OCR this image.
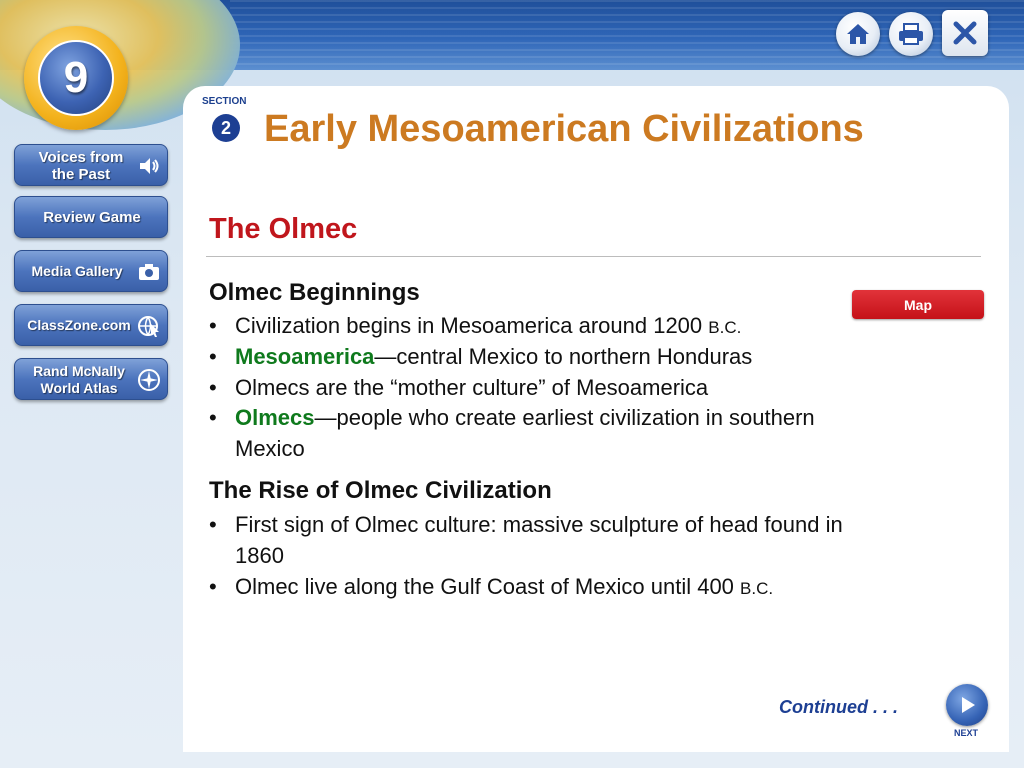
9
Voices from
the Past
Review Game
Media Gallery
ClassZone.com
Rand McNally
World Atlas
SECTION
2 Early Mesoamerican Civilizations
The Olmec
Map
Olmec Beginnings
• Civilization begins in Mesoamerica around 1200 B.C.
• Mesoamerica—central Mexico to northern Honduras
• Olmecs are the “mother culture” of Mesoamerica
• Olmecs—people who create earliest civilization in southern Mexico
The Rise of Olmec Civilization
• First sign of Olmec culture: massive sculpture of head found in 1860
• Olmec live along the Gulf Coast of Mexico until 400 B.C.
Continued . . .
NEXT
